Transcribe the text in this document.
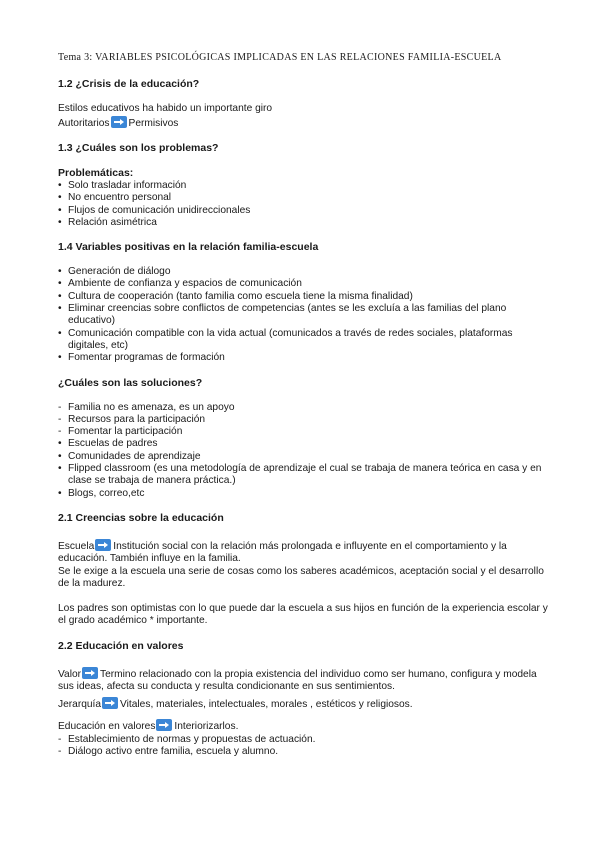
Tema 3: VARIABLES PSICOLÓGICAS IMPLICADAS EN LAS RELACIONES FAMILIA-ESCUELA
1.2 ¿Crisis de la educación?

Estilos educativos ha habido un importante giro

Autoritarios Permisivos

1.3 ¿Cuáles son los problemas?
Problemáticas:
• Solo trasladar información
• No encuentro personal
• Flujos de comunicación unidireccionales
• Relación asimétrica
1.4 Variables positivas en la relación familia-escuela
• Generación de diálogo
• Ambiente de confianza y espacios de comunicación
• Cultura de cooperación (tanto familia como escuela tiene la misma finalidad)
• Eliminar creencias sobre conflictos de competencias (antes se les excluía a las familias del plano educativo)
• Comunicación compatible con la vida actual (comunicados a través de redes sociales, plataformas digitales, etc)
• Fomentar programas de formación
¿Cuáles son las soluciones?
- Familia no es amenaza, es un apoyo
- Recursos para la participación
- Fomentar la participación
• Escuelas de padres
• Comunidades de aprendizaje
• Flipped classroom (es una metodología de aprendizaje el cual se trabaja de manera teórica en casa y en clase se trabaja de manera práctica.)
• Blogs, correo,etc
2.1 Creencias sobre la educación

Escuela Institución social con la relación más prolongada e influyente en el comportamiento y la educación. También influye en la familia.

Se le exige a la escuela una serie de cosas como los saberes académicos, aceptación social y el desarrollo de la madurez.

Los padres son optimistas con lo que puede dar la escuela a sus hijos en función de la experiencia escolar y el grado académico * importante.

2.2 Educación en valores

Valor Termino relacionado con la propia existencia del individuo como ser humano, configura y modela sus ideas, afecta su conducta y resulta condicionante en sus sentimientos.

Jerarquía Vitales, materiales, intelectuales, morales , estéticos y religiosos.

Educación en valores Interiorizarlos.

- Establecimiento de normas y propuestas de actuación.
- Diálogo activo entre familia, escuela y alumno.
